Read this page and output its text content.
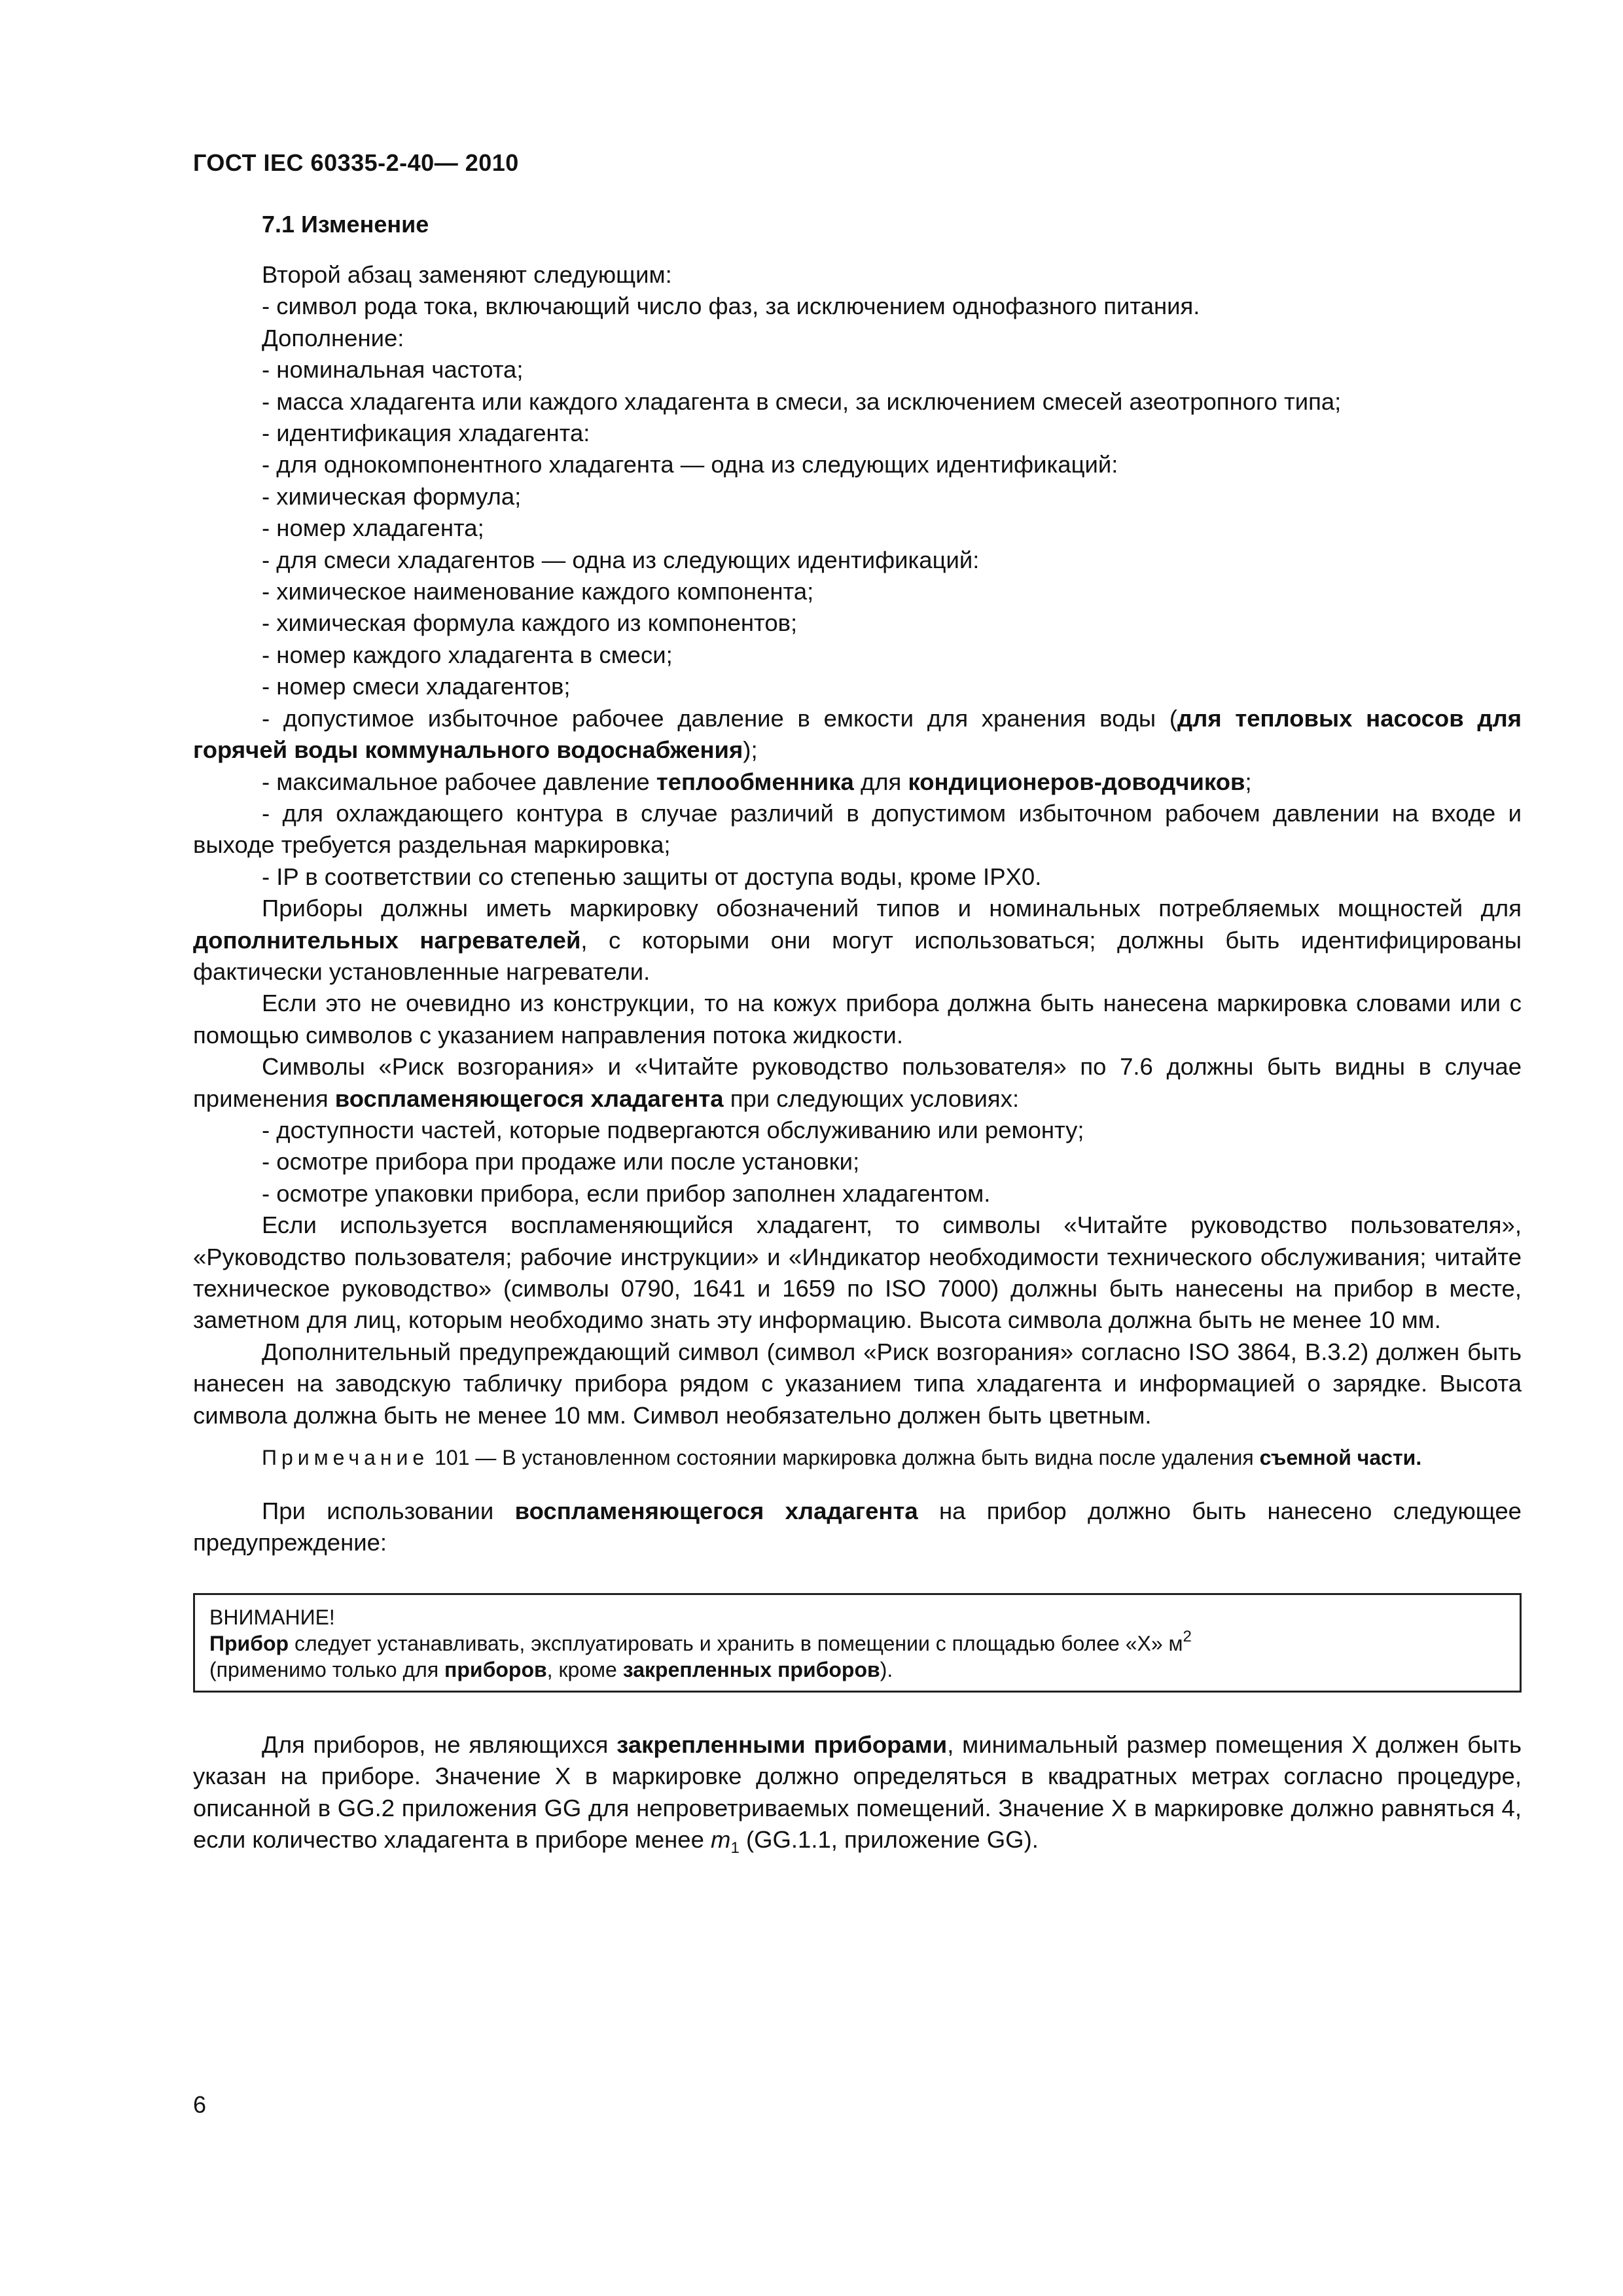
ГОСТ IEC 60335-2-40— 2010
7.1 Изменение

Второй абзац заменяют следующим:

- символ рода тока, включающий число фаз, за исключением однофазного питания.

Дополнение:

- номинальная частота;

- масса хладагента или каждого хладагента в смеси, за исключением смесей азеотропного типа;

- идентификация хладагента:

- для однокомпонентного хладагента — одна из следующих идентификаций:

- химическая формула;

- номер хладагента;

- для смеси хладагентов — одна из следующих идентификаций:

- химическое наименование каждого компонента;

- химическая формула каждого из компонентов;

- номер каждого хладагента в смеси;

- номер смеси хладагентов;

- допустимое избыточное рабочее давление в емкости для хранения воды (для тепловых насосов для горячей воды коммунального водоснабжения);

- максимальное рабочее давление теплообменника для кондиционеров-доводчиков;

- для охлаждающего контура в случае различий в допустимом избыточном рабочем давлении на входе и выходе требуется раздельная маркировка;

- IP в соответствии со степенью защиты от доступа воды, кроме IPX0.

Приборы должны иметь маркировку обозначений типов и номинальных потребляемых мощностей для дополнительных нагревателей, с которыми они могут использоваться; должны быть идентифицированы фактически установленные нагреватели.

Если это не очевидно из конструкции, то на кожух прибора должна быть нанесена маркировка словами или с помощью символов с указанием направления потока жидкости.

Символы «Риск возгорания» и «Читайте руководство пользователя» по 7.6 должны быть видны в случае применения воспламеняющегося хладагента при следующих условиях:

- доступности частей, которые подвергаются обслуживанию или ремонту;

- осмотре прибора при продаже или после установки;

- осмотре упаковки прибора, если прибор заполнен хладагентом.

Если используется воспламеняющийся хладагент, то символы «Читайте руководство пользователя», «Руководство пользователя; рабочие инструкции» и «Индикатор необходимости технического обслуживания; читайте техническое руководство» (символы 0790, 1641 и 1659 по ISO 7000) должны быть нанесены на прибор в месте, заметном для лиц, которым необходимо знать эту информацию. Высота символа должна быть не менее 10 мм.

Дополнительный предупреждающий символ (символ «Риск возгорания» согласно ISO 3864, B.3.2) должен быть нанесен на заводскую табличку прибора рядом с указанием типа хладагента и информацией о зарядке. Высота символа должна быть не менее 10 мм. Символ необязательно должен быть цветным.

Примечание 101 — В установленном состоянии маркировка должна быть видна после удаления съемной части.

При использовании воспламеняющегося хладагента на прибор должно быть нанесено следующее предупреждение:

ВНИМАНИЕ!
Прибор следует устанавливать, эксплуатировать и хранить в помещении с площадью более «X» $м^2$
(применимо только для приборов, кроме закрепленных приборов).

Для приборов, не являющихся закрепленными приборами, минимальный размер помещения X должен быть указан на приборе. Значение X в маркировке должно определяться в квадратных метрах согласно процедуре, описанной в GG.2 приложения GG для непроветриваемых помещений. Значение X в маркировке должно равняться 4, если количество хладагента в приборе менее $m_1$ (GG.1.1, приложение GG).

6
